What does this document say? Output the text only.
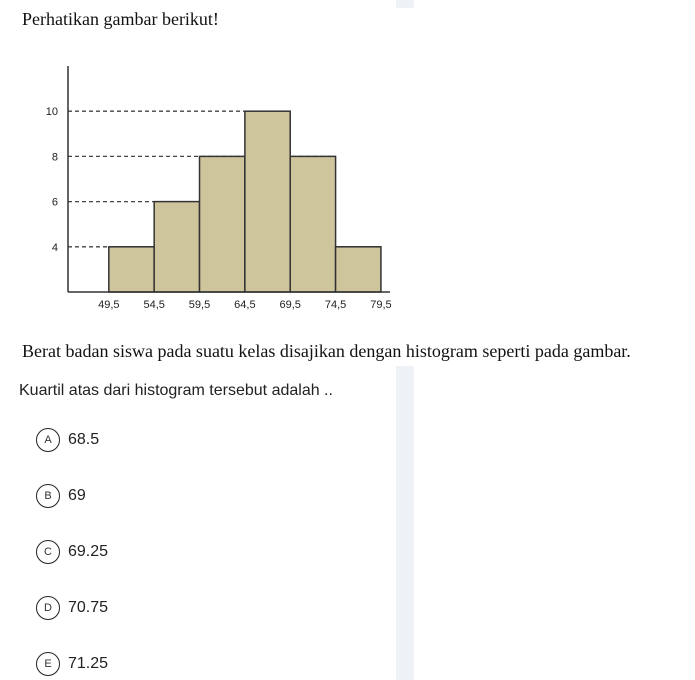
Perhatikan gambar berikut!
4
6
8
10
49,5 54,5 59,5 64,5 69,5 74,5 79,5
Berat badan siswa pada suatu kelas disajikan dengan histogram seperti pada gambar.
Kuartil atas dari histogram tersebut adalah ..
A	68.5
B	69
C	69.25
D	70.75
E	71.25
